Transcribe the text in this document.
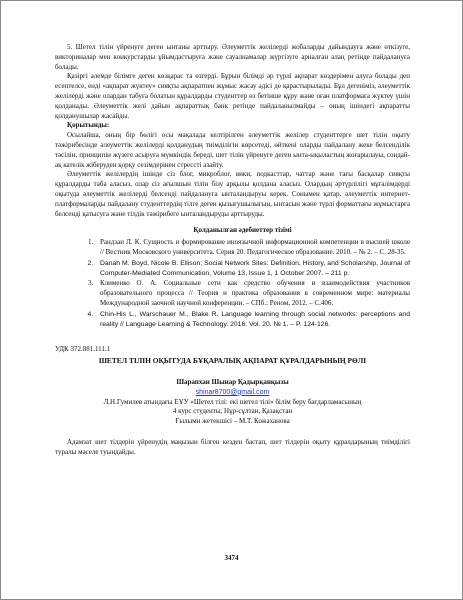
5. Шетел тілін үйренуге деген ынтаны арттыру. Әлеуметтік желілерді жобаларды дайындауға және өткізуге, викториналар мен конкурстарды ұйымдастыруға және сауалнамалар жүргізуге арналған алаң ретінде пайдалануға болады.

Қазіргі әлемде білімге деген көзқарас та өзгерді. Бұрын білімді әр түрлі ақпарат көздерімен алуға болады деп есептелсе, енді «ақпарат жүктеу» сияқты ақпаратпен жұмыс жасау әдісі де қарастырылады. Бұл дегеніміз, әлеуметтік желілерді және олардан табуға болатын құралдарды студенттер өз бетінше құру және оған платформаға жүктеу үшін қолданады. Әлеуметтік желі дайын ақпараттық банк ретінде пайдаланылмайды – оның ішіндегі ақпаратты қолданушылар жасайды.

Қорытынды:

Осылайша, оның бір бөлігі осы мақалада келтірілген әлеуметтік желілер студенттерге шет тілін оқыту тәжірибесінде әлеуметтік желілерді қолданудың тиімділігін көрсетеді, өйткені оларды пайдалану жеке белсенділік тәсілін, принципін жүзеге асыруға мүмкіндік береді, шет тілін үйренуге деген ынта-ықыластың жоғарылауы, сондай-ақ кателік жіберуден қорқу сезімдерінен стрессті азайту.

Әлеуметтік желілердің ішінде сіз блог, микроблог, вики, подкасттар, чаттар және тағы басқалар сияқты құралдарды таба аласыз, олар сіз ағылшын тілін бізу арқылы қолдана аласыз. Олардың әртүрлілігі мұғалімдерді оқытуда әлеуметтік желілерді белсенді пайдалануға ынталандыруы керек. Сонымен қатар, әлеуметтік интернет-платформаларды пайдалану студенттердің тілге деген қызығушылығын, ынтасын және түрлі форматтағы жұмыстарға белсенді қатысуға және тілдік тәжірибеге ынталандыруды арттыруды.

Қолданылған әдебиеттер тізімі

1. Рандзан Л. К. Сущность и формирование иноязычной информационной компетенции в высшей школе // Вестник Московского университета. Серия 20. Педагогическое образование. 2010. – № 2. – С. 28-35.
2. Danah M. Boyd, Nicole B. Ellison; Social Network Sites: Definition, History, and Scholarship, Journal of Computer-Mediated Communication, Volume 13, Issue 1, 1 October 2007. – 211 p.
3. Клименко О. А. Социальные сети как средство обучения и взаимодействия участников образовательного процесса // Теория и практика образования в современном мире: материалы Международной заочной научной конференции. – СПб.: Реном, 2012. – С.406.
4. Chin-His L., Warschauer M., Blake R. Language learning through social networks: perceptions and reality // Language Learning & Technology. 2016. Vol. 20. № 1. – P. 124-126.

УДК 372.881.111.1

ШЕТЕЛ ТІЛІН ОҚЫТУДА БҰҚАРАЛЫҚ АҚПАРАТ ҚҰРАЛДАРЫНЫҢ РӨЛІ

Шарапхан Шынар Қадырқанқызы

shinar8700@gmail.com

Л.Н.Гумилев атындағы ЕҰУ «Шетел тілі: екі шетел тілі» білім беру бағдарламасының

4 курс студенты, Нұр-сұлтан, Қазақстан

Ғылыми жетекшісі – М.Т. Кожаханова

Адамзат шет тілдерін үйренудің маңызын білген кезден бастап, шет тілдерін оқыту құралдарының тиімділігі туралы мәселе туындайды.

3474
